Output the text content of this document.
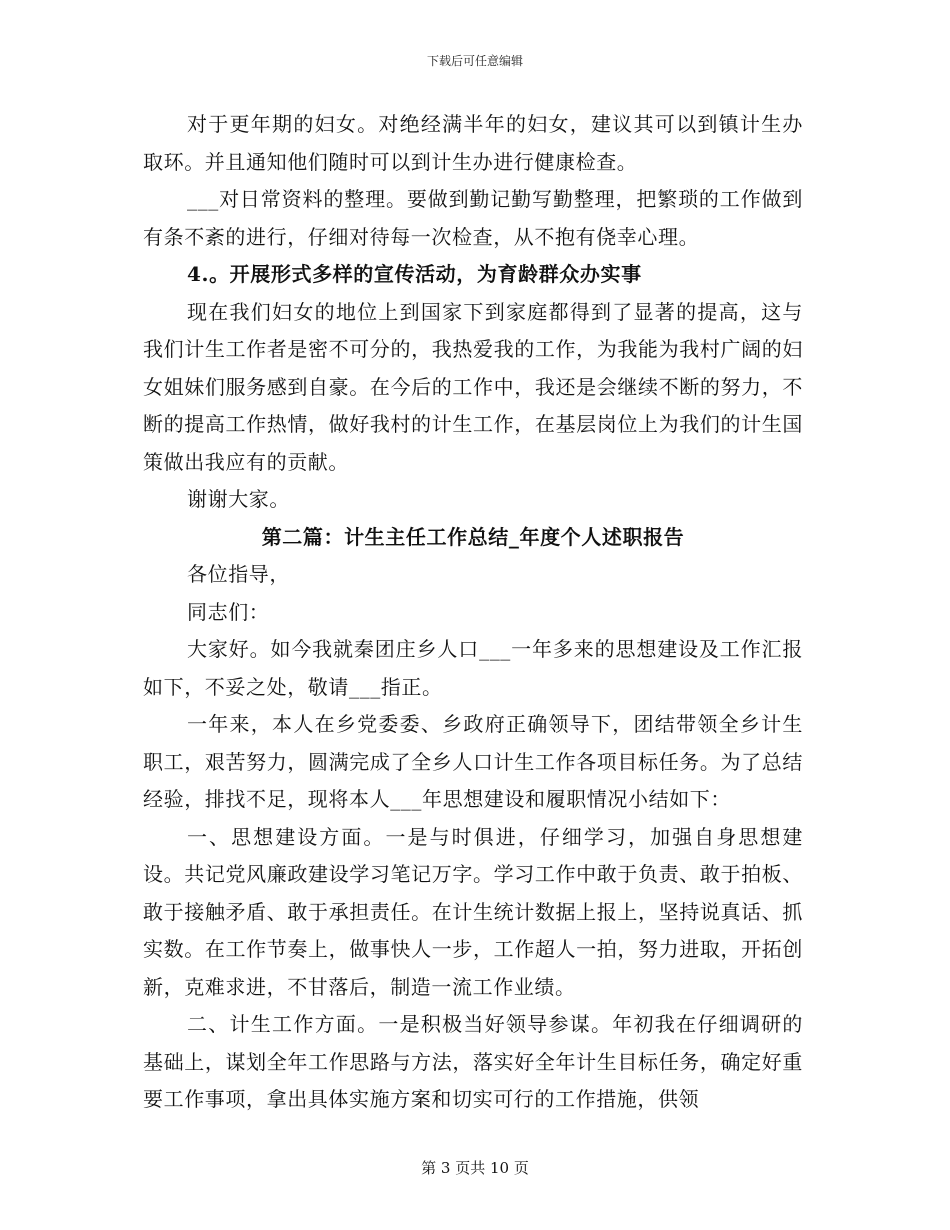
下载后可任意编辑

对于更年期的妇女。对绝经满半年的妇女，建议其可以到镇计生办取环。并且通知他们随时可以到计生办进行健康检查。

___对日常资料的整理。要做到勤记勤写勤整理，把繁琐的工作做到有条不紊的进行，仔细对待每一次检查，从不抱有侥幸心理。

4.。开展形式多样的宣传活动，为育龄群众办实事

现在我们妇女的地位上到国家下到家庭都得到了显著的提高，这与我们计生工作者是密不可分的，我热爱我的工作，为我能为我村广阔的妇女姐妹们服务感到自豪。在今后的工作中，我还是会继续不断的努力，不断的提高工作热情，做好我村的计生工作，在基层岗位上为我们的计生国策做出我应有的贡献。

谢谢大家。

第二篇：计生主任工作总结_年度个人述职报告

各位指导，

同志们：

大家好。如今我就秦团庄乡人口___一年多来的思想建设及工作汇报如下，不妥之处，敬请___指正。

一年来，本人在乡党委委、乡政府正确领导下，团结带领全乡计生职工，艰苦努力，圆满完成了全乡人口计生工作各项目标任务。为了总结经验，排找不足，现将本人___年思想建设和履职情况小结如下：

一、思想建设方面。一是与时俱进，仔细学习，加强自身思想建设。共记党风廉政建设学习笔记万字。学习工作中敢于负责、敢于拍板、敢于接触矛盾、敢于承担责任。在计生统计数据上报上，坚持说真话、抓实数。在工作节奏上，做事快人一步，工作超人一拍，努力进取，开拓创新，克难求进，不甘落后，制造一流工作业绩。

二、计生工作方面。一是积极当好领导参谋。年初我在仔细调研的基础上，谋划全年工作思路与方法，落实好全年计生目标任务，确定好重要工作事项，拿出具体实施方案和切实可行的工作措施，供领

第 3 页共 10 页
